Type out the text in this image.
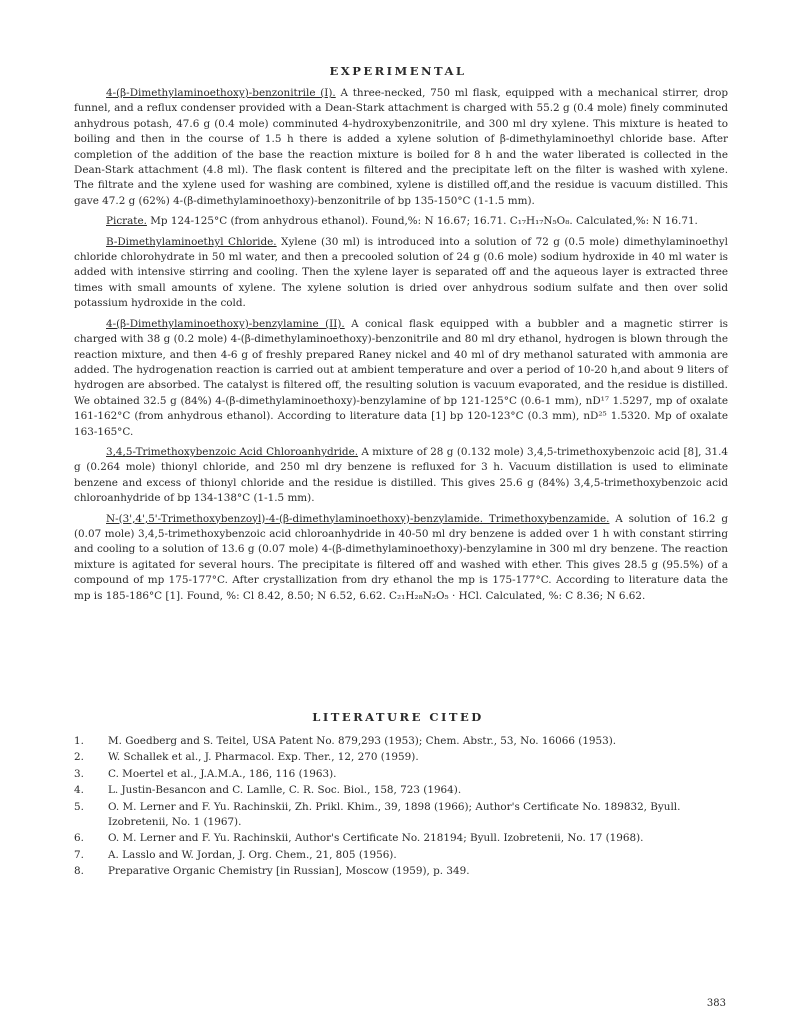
EXPERIMENTAL

4-(β-Dimethylaminoethoxy)-benzonitrile (I). A three-necked, 750 ml flask, equipped with a mechanical stirrer, drop funnel, and a reflux condenser provided with a Dean-Stark attachment is charged with 55.2 g (0.4 mole) finely comminuted anhydrous potash, 47.6 g (0.4 mole) comminuted 4-hydroxybenzonitrile, and 300 ml dry xylene. This mixture is heated to boiling and then in the course of 1.5 h there is added a xylene solution of β-dimethylaminoethyl chloride base. After completion of the addition of the base the reaction mixture is boiled for 8 h and the water liberated is collected in the Dean-Stark attachment (4.8 ml). The flask content is filtered and the precipitate left on the filter is washed with xylene. The filtrate and the xylene used for washing are combined, xylene is distilled off,and the residue is vacuum distilled. This gave 47.2 g (62%) 4-(β-dimethylaminoethoxy)-benzonitrile of bp 135-150°C (1-1.5 mm).

Picrate. Mp 124-125°C (from anhydrous ethanol). Found,%: N 16.67; 16.71. C₁₇H₁₇N₅O₈. Calculated,%: N 16.71.

B-Dimethylaminoethyl Chloride. Xylene (30 ml) is introduced into a solution of 72 g (0.5 mole) dimethylaminoethyl chloride chlorohydrate in 50 ml water, and then a precooled solution of 24 g (0.6 mole) sodium hydroxide in 40 ml water is added with intensive stirring and cooling. Then the xylene layer is separated off and the aqueous layer is extracted three times with small amounts of xylene. The xylene solution is dried over anhydrous sodium sulfate and then over solid potassium hydroxide in the cold.

4-(β-Dimethylaminoethoxy)-benzylamine (II). A conical flask equipped with a bubbler and a magnetic stirrer is charged with 38 g (0.2 mole) 4-(β-dimethylaminoethoxy)-benzonitrile and 80 ml dry ethanol, hydrogen is blown through the reaction mixture, and then 4-6 g of freshly prepared Raney nickel and 40 ml of dry methanol saturated with ammonia are added. The hydrogenation reaction is carried out at ambient temperature and over a period of 10-20 h,and about 9 liters of hydrogen are absorbed. The catalyst is filtered off, the resulting solution is vacuum evaporated, and the residue is distilled. We obtained 32.5 g (84%) 4-(β-dimethylaminoethoxy)-benzylamine of bp 121-125°C (0.6-1 mm), nD¹⁷ 1.5297, mp of oxalate 161-162°C (from anhydrous ethanol). According to literature data [1] bp 120-123°C (0.3 mm), nD²⁵ 1.5320. Mp of oxalate 163-165°C.

3,4,5-Trimethoxybenzoic Acid Chloroanhydride. A mixture of 28 g (0.132 mole) 3,4,5-trimethoxybenzoic acid [8], 31.4 g (0.264 mole) thionyl chloride, and 250 ml dry benzene is refluxed for 3 h. Vacuum distillation is used to eliminate benzene and excess of thionyl chloride and the residue is distilled. This gives 25.6 g (84%) 3,4,5-trimethoxybenzoic acid chloroanhydride of bp 134-138°C (1-1.5 mm).

N-(3',4',5'-Trimethoxybenzoyl)-4-(β-dimethylaminoethoxy)-benzylamide. Trimethoxybenzamide. A solution of 16.2 g (0.07 mole) 3,4,5-trimethoxybenzoic acid chloroanhydride in 40-50 ml dry benzene is added over 1 h with constant stirring and cooling to a solution of 13.6 g (0.07 mole) 4-(β-dimethylaminoethoxy)-benzylamine in 300 ml dry benzene. The reaction mixture is agitated for several hours. The precipitate is filtered off and washed with ether. This gives 28.5 g (95.5%) of a compound of mp 175-177°C. After crystallization from dry ethanol the mp is 175-177°C. According to literature data the mp is 185-186°C [1]. Found, %: Cl 8.42, 8.50; N 6.52, 6.62. C₂₁H₂₈N₂O₅ · HCl. Calculated, %: C 8.36; N 6.62.

LITERATURE CITED
1.	M. Goedberg and S. Teitel, USA Patent No. 879,293 (1953); Chem. Abstr., 53, No. 16066 (1953).
2.	W. Schallek et al., J. Pharmacol. Exp. Ther., 12, 270 (1959).
3.	C. Moertel et al., J.A.M.A., 186, 116 (1963).
4.	L. Justin-Besancon and C. Lamlle, C. R. Soc. Biol., 158, 723 (1964).
5.	O. M. Lerner and F. Yu. Rachinskii, Zh. Prikl. Khim., 39, 1898 (1966); Author's Certificate No. 189832, Byull. Izobretenii, No. 1 (1967).
6.	O. M. Lerner and F. Yu. Rachinskii, Author's Certificate No. 218194; Byull. Izobretenii, No. 17 (1968).
7.	A. Lasslo and W. Jordan, J. Org. Chem., 21, 805 (1956).
8.	Preparative Organic Chemistry [in Russian], Moscow (1959), p. 349.
383
